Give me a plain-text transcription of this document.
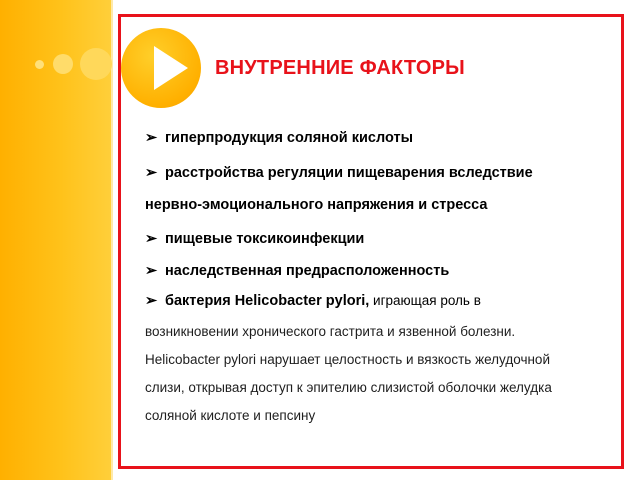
ВНУТРЕННИЕ ФАКТОРЫ
➢ гиперпродукция соляной кислоты
➢ расстройства регуляции пищеварения вследствие
нервно-эмоционального напряжения и стресса
➢ пищевые токсикоинфекции
➢ наследственная предрасположенность
➢ бактерия Helicobacter pylori, играющая роль в
возникновении хронического гастрита и язвенной болезни.
Helicobacter pylori нарушает целостность и вязкость желудочной
слизи, открывая доступ к эпителию слизистой оболочки желудка
соляной кислоте и пепсину
